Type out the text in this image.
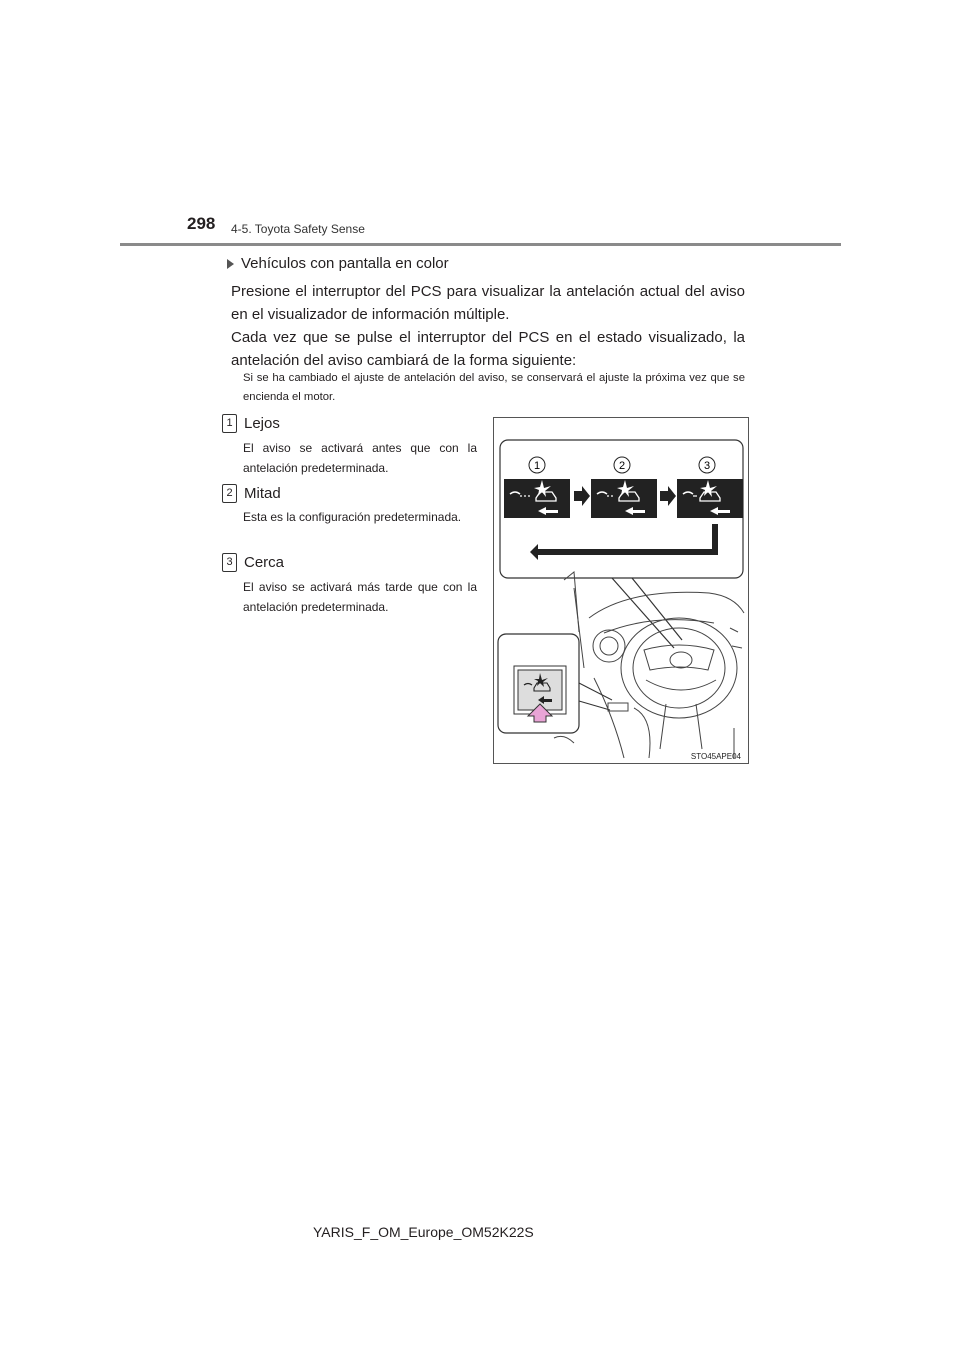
298 4-5. Toyota Safety Sense
Vehículos con pantalla en color

Presione el interruptor del PCS para visualizar la antelación actual del aviso en el visualizador de información múltiple.

Cada vez que se pulse el interruptor del PCS en el estado visualizado, la antelación del aviso cambiará de la forma siguiente:

Si se ha cambiado el ajuste de antelación del aviso, se conservará el ajuste la próxima vez que se encienda el motor.

1 Lejos

El aviso se activará antes que con la antelación predeterminada.

2 Mitad

Esta es la configuración predeterminada.

3 Cerca

El aviso se activará más tarde que con la antelación predeterminada.

1	2	3
STO45APE04
YARIS_F_OM_Europe_OM52K22S
